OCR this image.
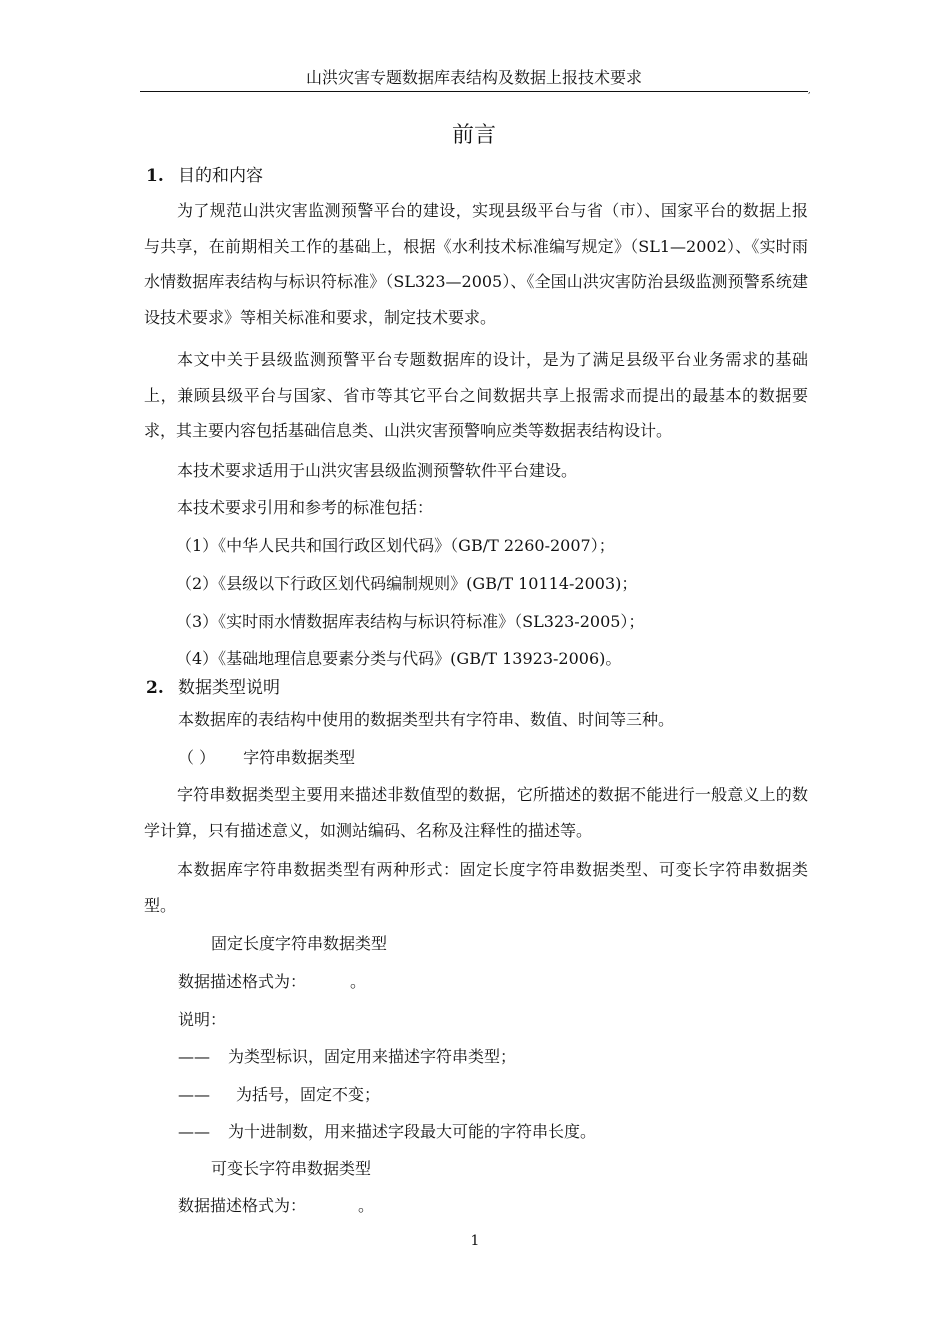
山洪灾害专题数据库表结构及数据上报技术要求
,
前言
1. 目的和内容

为了规范山洪灾害监测预警平台的建设，实现县级平台与省（市）、国家平台的数据上报与共享，在前期相关工作的基础上，根据《水利技术标准编写规定》（SL1—2002）、《实时雨水情数据库表结构与标识符标准》（SL323—2005）、《全国山洪灾害防治县级监测预警系统建设技术要求》等相关标准和要求，制定技术要求。

本文中关于县级监测预警平台专题数据库的设计，是为了满足县级平台业务需求的基础上，兼顾县级平台与国家、省市等其它平台之间数据共享上报需求而提出的最基本的数据要求，其主要内容包括基础信息类、山洪灾害预警响应类等数据表结构设计。

本技术要求适用于山洪灾害县级监测预警软件平台建设。

本技术要求引用和参考的标准包括：

（1）《中华人民共和国行政区划代码》（GB/T 2260-2007）；
（2）《县级以下行政区划代码编制规则》(GB/T 10114-2003)；
（3）《实时雨水情数据库表结构与标识符标准》（SL323-2005）；
（4）《基础地理信息要素分类与代码》(GB/T 13923-2006)。
2. 数据类型说明
本数据库的表结构中使用的数据类型共有字符串、数值、时间等三种。
（ ） 字符串数据类型

字符串数据类型主要用来描述非数值型的数据，它所描述的数据不能进行一般意义上的数学计算，只有描述意义，如测站编码、名称及注释性的描述等。

本数据库字符串数据类型有两种形式：固定长度字符串数据类型、可变长字符串数据类型。

固定长度字符串数据类型
数据描述格式为：	。
说明：
—— 为类型标识，固定用来描述字符串类型；
—— 为括号，固定不变；
—— 为十进制数，用来描述字段最大可能的字符串长度。
可变长字符串数据类型
数据描述格式为：	。
1
